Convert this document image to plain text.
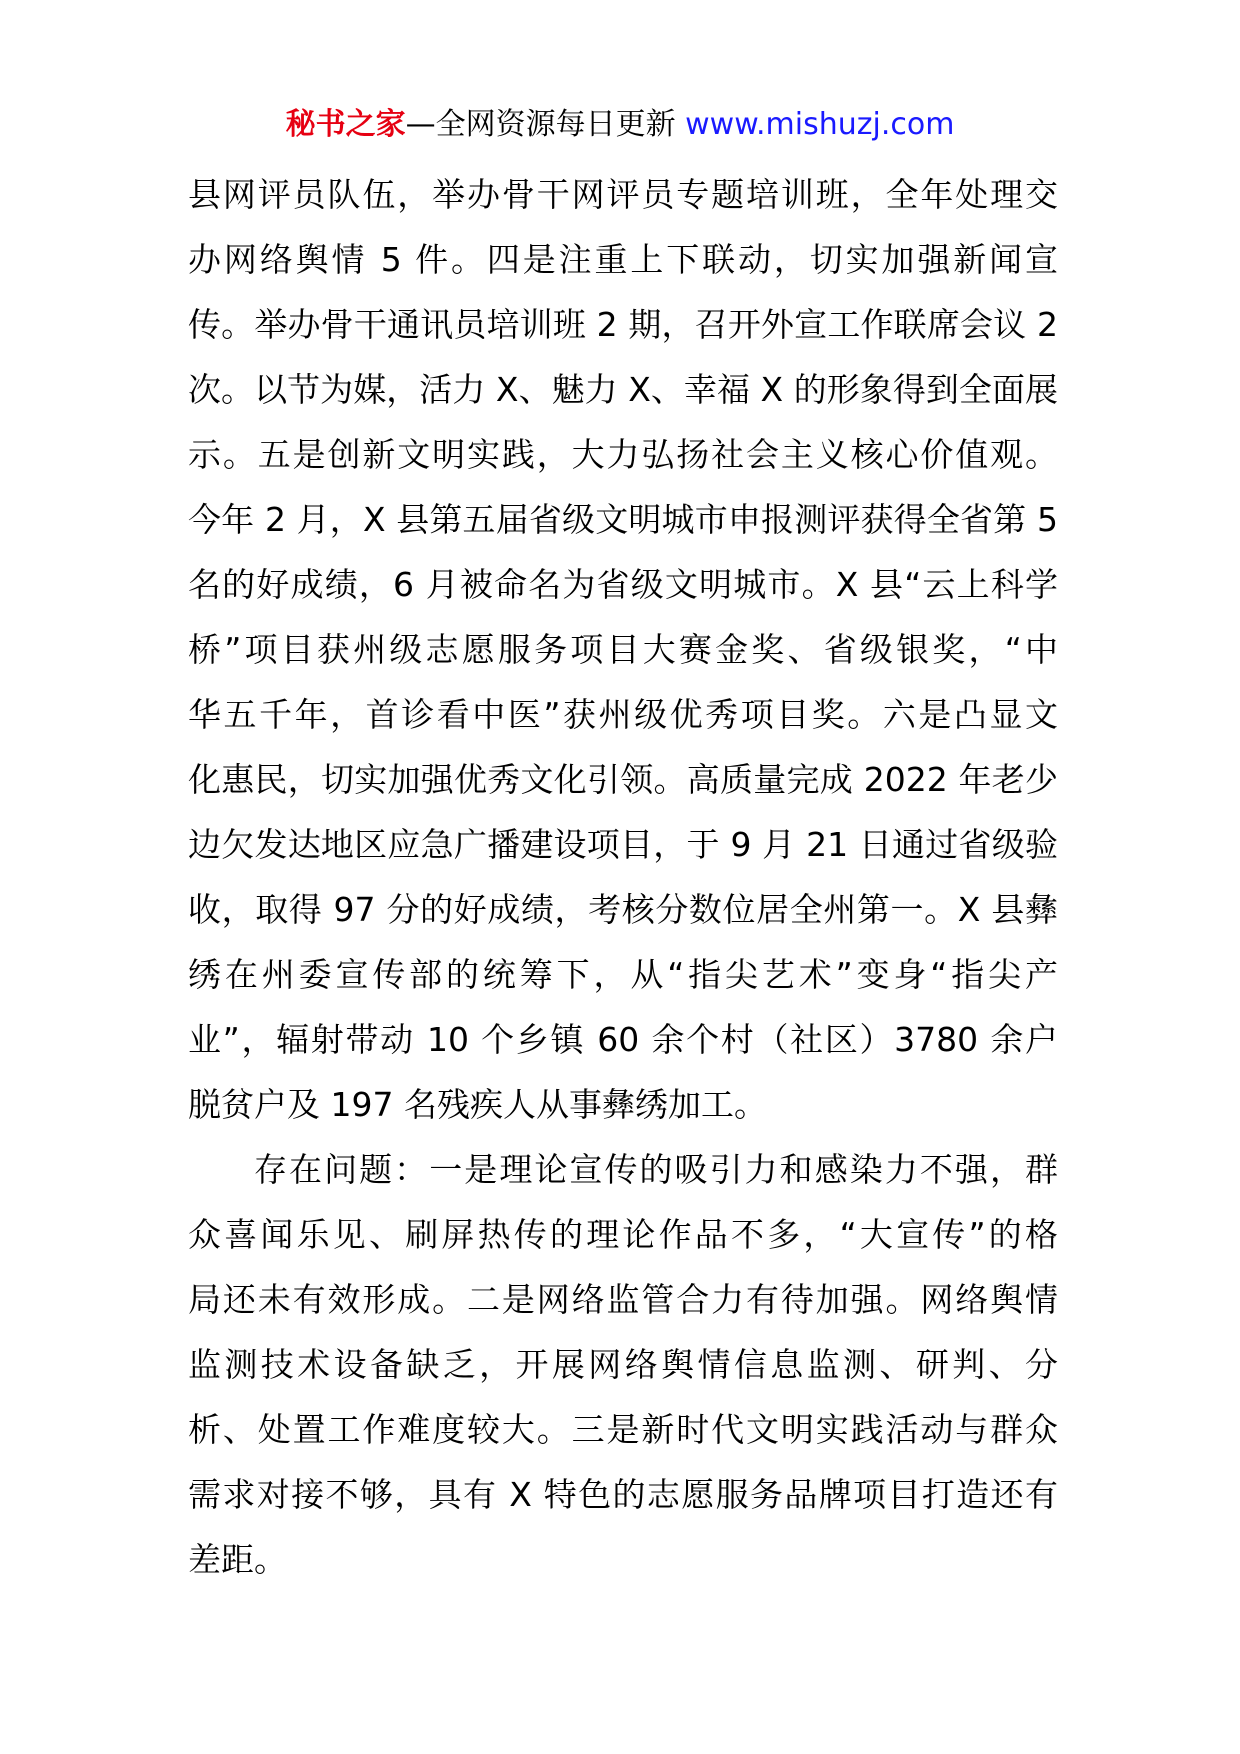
秘书之家—全网资源每日更新 www.mishuzj.com

县网评员队伍，举办骨干网评员专题培训班，全年处理交
办网络舆情 5 件。四是注重上下联动，切实加强新闻宣
传。举办骨干通讯员培训班 2 期，召开外宣工作联席会议 2
次。以节为媒，活力 X、魅力 X、幸福 X 的形象得到全面展
示。五是创新文明实践，大力弘扬社会主义核心价值观。
今年 2 月，X 县第五届省级文明城市申报测评获得全省第 5
名的好成绩，6 月被命名为省级文明城市。X 县“云上科学
桥”项目获州级志愿服务项目大赛金奖、省级银奖，“中
华五千年，首诊看中医”获州级优秀项目奖。六是凸显文
化惠民，切实加强优秀文化引领。高质量完成 2022 年老少
边欠发达地区应急广播建设项目，于 9 月 21 日通过省级验
收，取得 97 分的好成绩，考核分数位居全州第一。X 县彝
绣在州委宣传部的统筹下，从“指尖艺术”变身“指尖产
业”，辐射带动 10 个乡镇 60 余个村（社区）3780 余户
脱贫户及 197 名残疾人从事彝绣加工。

存在问题：一是理论宣传的吸引力和感染力不强，群
众喜闻乐见、刷屏热传的理论作品不多，“大宣传”的格
局还未有效形成。二是网络监管合力有待加强。网络舆情
监测技术设备缺乏，开展网络舆情信息监测、研判、分
析、处置工作难度较大。三是新时代文明实践活动与群众
需求对接不够，具有 X 特色的志愿服务品牌项目打造还有
差距。
